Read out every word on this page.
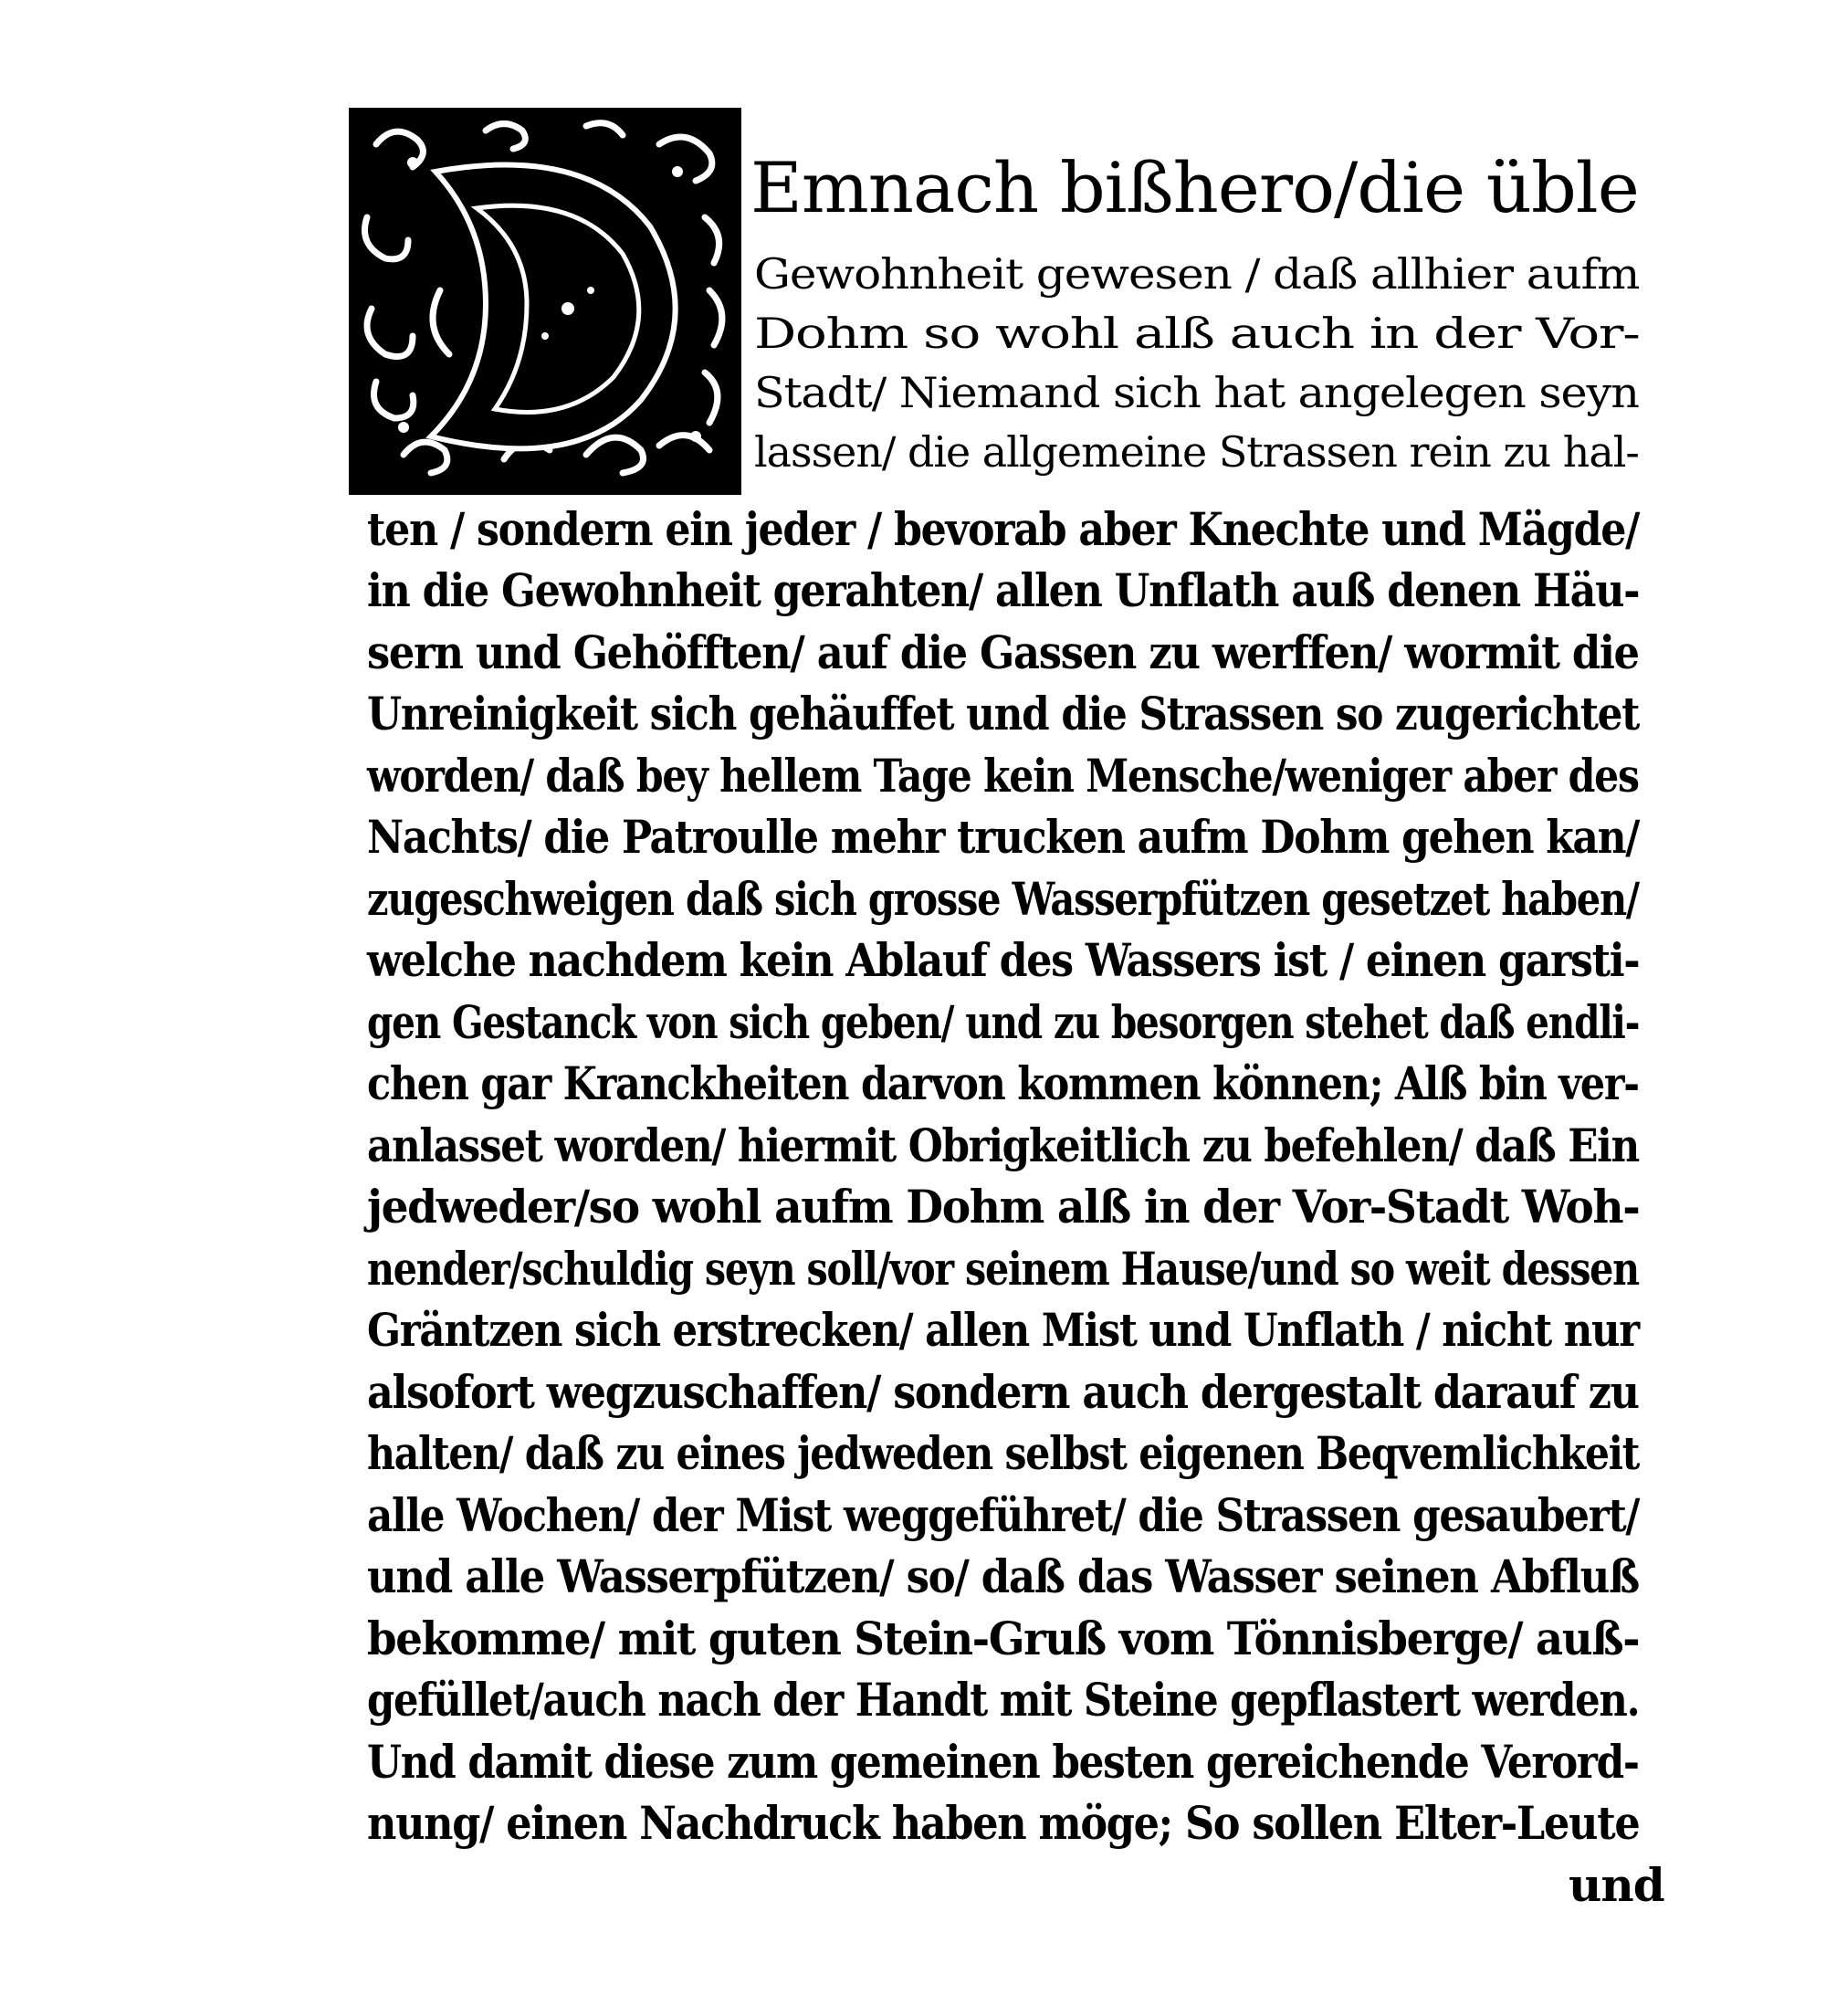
Emnach bißhero/die üble
Gewohnheit gewesen / daß allhier aufm
Dohm so wohl alß auch in der Vor-
Stadt/ Niemand sich hat angelegen seyn
lassen/ die allgemeine Strassen rein zu hal-
ten / sondern ein jeder / bevorab aber Knechte und Mägde/
in die Gewohnheit gerahten/ allen Unflath auß denen Häu-
sern und Gehöfften/ auf die Gassen zu werffen/ wormit die
Unreinigkeit sich gehäuffet und die Strassen so zugerichtet
worden/ daß bey hellem Tage kein Mensche/weniger aber des
Nachts/ die Patroulle mehr trucken aufm Dohm gehen kan/
zugeschweigen daß sich grosse Wasserpfützen gesetzet haben/
welche nachdem kein Ablauf des Wassers ist / einen garsti-
gen Gestanck von sich geben/ und zu besorgen stehet daß endli-
chen gar Kranckheiten darvon kommen können; Alß bin ver-
anlasset worden/ hiermit Obrigkeitlich zu befehlen/ daß Ein
jedweder/so wohl aufm Dohm alß in der Vor-Stadt Woh-
nender/schuldig seyn soll/vor seinem Hause/und so weit dessen
Gräntzen sich erstrecken/ allen Mist und Unflath / nicht nur
alsofort wegzuschaffen/ sondern auch dergestalt darauf zu
halten/ daß zu eines jedweden selbst eigenen Beqvemlichkeit
alle Wochen/ der Mist weggeführet/ die Strassen gesaubert/
und alle Wasserpfützen/ so/ daß das Wasser seinen Abfluß
bekomme/ mit guten Stein-Gruß vom Tönnisberge/ auß-
gefüllet/auch nach der Handt mit Steine gepflastert werden.
Und damit diese zum gemeinen besten gereichende Verord-
nung/ einen Nachdruck haben möge; So sollen Elter-Leute
und
